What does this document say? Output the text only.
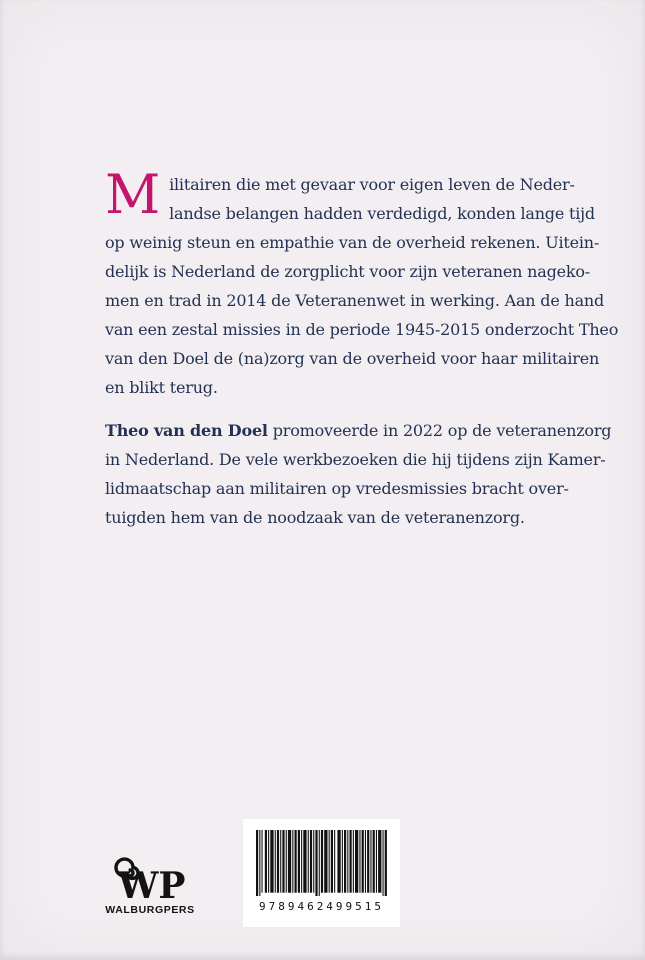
M ilitairen die met gevaar voor eigen leven de Neder-
landse belangen hadden verdedigd, konden lange tijd
op weinig steun en empathie van de overheid rekenen. Uitein-
delijk is Nederland de zorgplicht voor zijn veteranen nageko-
men en trad in 2014 de Veteranenwet in werking. Aan de hand
van een zestal missies in de periode 1945-2015 onderzocht Theo
van den Doel de (na)zorg van de overheid voor haar militairen
en blikt terug.
Theo van den Doel promoveerde in 2022 op de veteranenzorg
in Nederland. De vele werkbezoeken die hij tijdens zijn Kamer-
lidmaatschap aan militairen op vredesmissies bracht over-
tuigden hem van de noodzaak van de veteranenzorg.
WP
WALBURGPERS	9789462499515
